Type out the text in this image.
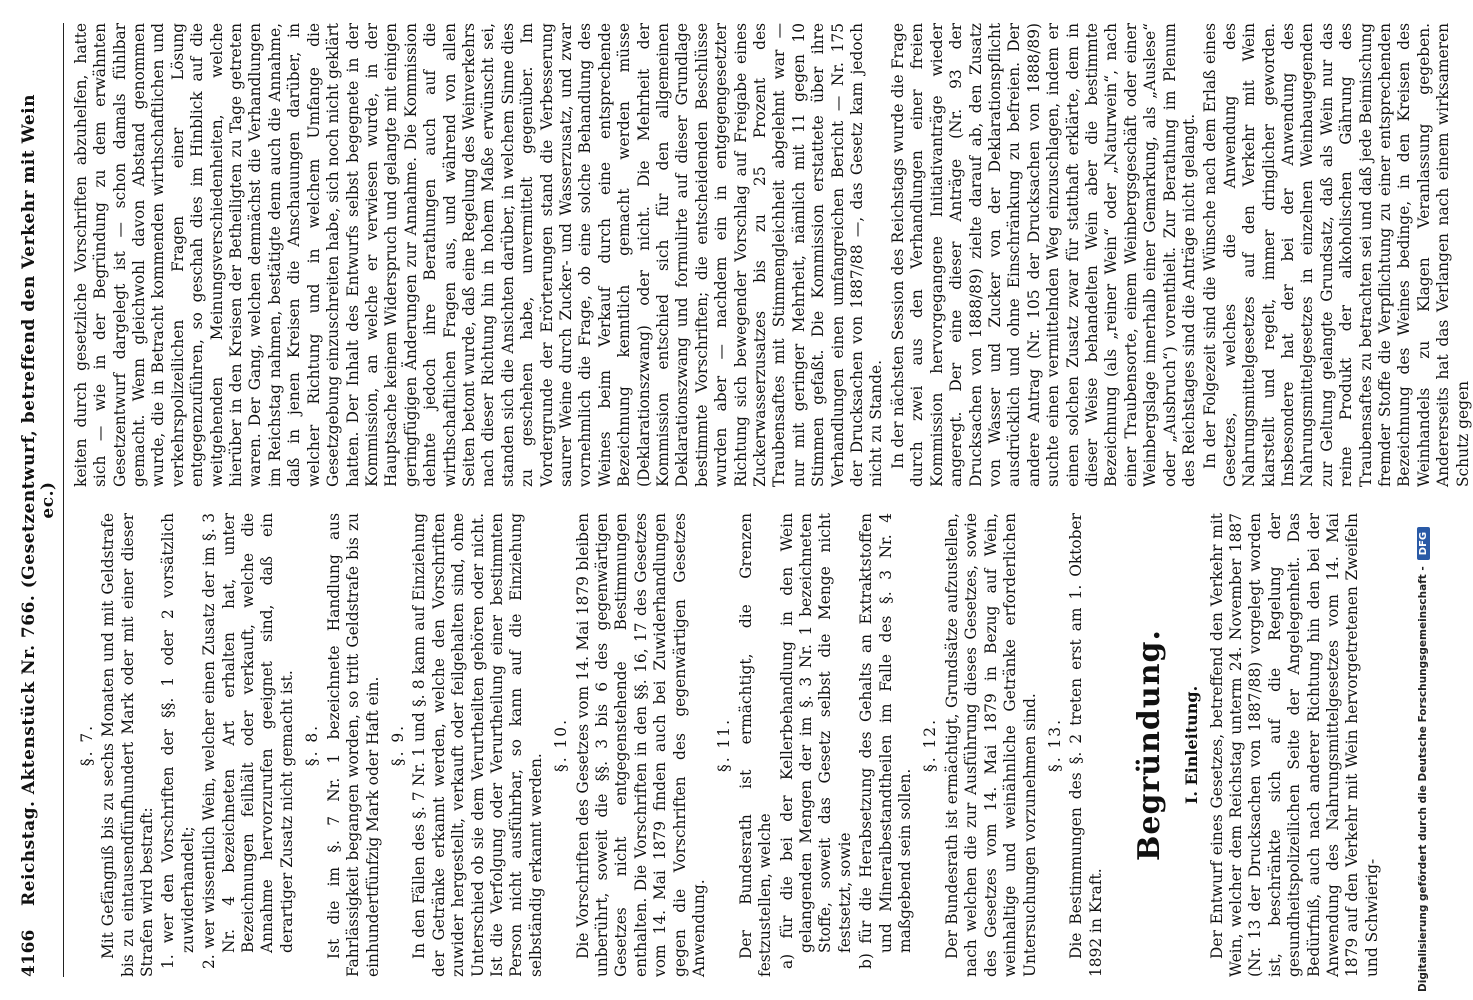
4166
Reichstag. Aktenstück Nr. 766. (Gesetzentwurf, betreffend den Verkehr mit Wein ec.)

§. 7. Mit Gefängniß bis zu sechs Monaten und mit Geldstrafe bis zu eintausendfünfhundert Mark oder mit einer dieser Strafen wird bestraft: 1. wer den Vorschriften der §§. 1 oder 2 vorsätzlich zuwiderhandelt; 2. wer wissentlich Wein, welcher einen Zusatz der im §. 3 Nr. 4 bezeichneten Art erhalten hat, unter Bezeichnungen feilhält oder verkauft, welche die Annahme hervorzurufen geeignet sind, daß ein derartiger Zusatz nicht gemacht ist. §. 8. Ist die im §. 7 Nr. 1 bezeichnete Handlung aus Fahrlässigkeit begangen worden, so tritt Geldstrafe bis zu einhundertfünfzig Mark oder Haft ein. §. 9. In den Fällen des §. 7 Nr. 1 und §. 8 kann auf Einziehung der Getränke erkannt werden, welche den Vorschriften zuwider hergestellt, verkauft oder feilgehalten sind, ohne Unterschied ob sie dem Verurtheilten gehören oder nicht. Ist die Verfolgung oder Verurtheilung einer bestimmten Person nicht ausführbar, so kann auf die Einziehung selbständig erkannt werden.

§. 10. Die Vorschriften des Gesetzes vom 14. Mai 1879 bleiben unberührt, soweit die §§. 3 bis 6 des gegenwärtigen Gesetzes nicht entgegenstehende Bestimmungen enthalten. Die Vorschriften in den §§. 16, 17 des Gesetzes vom 14. Mai 1879 finden auch bei Zuwiderhandlungen gegen die Vorschriften des gegenwärtigen Gesetzes Anwendung.

§. 11. Der Bundesrath ist ermächtigt, die Grenzen festzustellen, welche a) für die bei der Kellerbehandlung in den Wein gelangenden Mengen der im §. 3 Nr. 1 bezeichneten Stoffe, soweit das Gesetz selbst die Menge nicht festsetzt, sowie b) für die Herabsetzung des Gehalts an Extraktstoffen und Mineralbestandtheilen im Falle des §. 3 Nr. 4 maßgebend sein sollen.

§. 12. Der Bundesrath ist ermächtigt, Grundsätze aufzustellen, nach welchen die zur Ausführung dieses Gesetzes, sowie des Gesetzes vom 14. Mai 1879 in Bezug auf Wein, weinhaltige und weinähnliche Getränke erforderlichen Untersuchungen vorzunehmen sind. §. 13. Die Bestimmungen des §. 2 treten erst am 1. Oktober 1892 in Kraft.

Begründung. I. Einleitung. Der Entwurf eines Gesetzes, betreffend den Verkehr mit Wein, welcher dem Reichstag unterm 24. November 1887 (Nr. 13 der Drucksachen von 1887/88) vorgelegt worden ist, beschränkte sich auf die Regelung der gesundheitspolizeilichen Seite der Angelegenheit. Das Bedürfniß, auch nach anderer Richtung hin den bei der Anwendung des Nahrungsmittelgesetzes vom 14. Mai 1879 auf den Verkehr mit Wein hervorgetretenen Zweifeln und Schwierig-

keiten durch gesetzliche Vorschriften abzuhelfen, hatte sich — wie in der Begründung zu dem erwähnten Gesetzentwurf dargelegt ist — schon damals fühlbar gemacht. Wenn gleichwohl davon Abstand genommen wurde, die in Betracht kommenden wirthschaftlichen und verkehrspolizeilichen Fragen einer Lösung entgegenzuführen, so geschah dies im Hinblick auf die weitgehenden Meinungsverschiedenheiten, welche hierüber in den Kreisen der Betheiligten zu Tage getreten waren. Der Gang, welchen demnächst die Verhandlungen im Reichstag nahmen, bestätigte denn auch die Annahme, daß in jenen Kreisen die Anschauungen darüber, in welcher Richtung und in welchem Umfange die Gesetzgebung einzuschreiten habe, sich noch nicht geklärt hatten. Der Inhalt des Entwurfs selbst begegnete in der Kommission, an welche er verwiesen wurde, in der Hauptsache keinem Widerspruch und gelangte mit einigen geringfügigen Änderungen zur Annahme. Die Kommission dehnte jedoch ihre Berathungen auch auf die wirthschaftlichen Fragen aus, und während von allen Seiten betont wurde, daß eine Regelung des Weinverkehrs nach dieser Richtung hin in hohem Maße erwünscht sei, standen sich die Ansichten darüber, in welchem Sinne dies zu geschehen habe, unvermittelt gegenüber. Im Vordergrunde der Erörterungen stand die Verbesserung saurer Weine durch Zucker- und Wasserzusatz, und zwar vornehmlich die Frage, ob eine solche Behandlung des Weines beim Verkauf durch eine entsprechende Bezeichnung kenntlich gemacht werden müsse (Deklarationszwang) oder nicht. Die Mehrheit der Kommission entschied sich für den allgemeinen Deklarationszwang und formulirte auf dieser Grundlage bestimmte Vorschriften; die entscheidenden Beschlüsse wurden aber — nachdem ein in entgegengesetzter Richtung sich bewegender Vorschlag auf Freigabe eines Zuckerwasserzusatzes bis zu 25 Prozent des Traubensaftes mit Stimmengleichheit abgelehnt war — nur mit geringer Mehrheit, nämlich mit 11 gegen 10 Stimmen gefaßt. Die Kommission erstattete über ihre Verhandlungen einen umfangreichen Bericht — Nr. 175 der Drucksachen von 1887/88 —, das Gesetz kam jedoch nicht zu Stande. In der nächsten Session des Reichstags wurde die Frage durch zwei aus den Verhandlungen einer freien Kommission hervorgegangene Initiativanträge wieder angeregt. Der eine dieser Anträge (Nr. 93 der Drucksachen von 1888/89) zielte darauf ab, den Zusatz von Wasser und Zucker von der Deklarationspflicht ausdrücklich und ohne Einschränkung zu befreien. Der andere Antrag (Nr. 105 der Drucksachen von 1888/89) suchte einen vermittelnden Weg einzuschlagen, indem er einen solchen Zusatz zwar für statthaft erklärte, dem in dieser Weise behandelten Wein aber die bestimmte Bezeichnung (als „reiner Wein“ oder „Naturwein“, nach einer Traubensorte, einem Weinbergsgeschäft oder einer Weinbergslage innerhalb einer Gemarkung, als „Auslese“ oder „Ausbruch“) vorenthielt. Zur Berathung im Plenum des Reichstages sind die Anträge nicht gelangt. In der Folgezeit sind die Wünsche nach dem Erlaß eines Gesetzes, welches die Anwendung des Nahrungsmittelgesetzes auf den Verkehr mit Wein klarstellt und regelt, immer dringlicher geworden. Insbesondere hat der bei der Anwendung des Nahrungsmittelgesetzes in einzelnen Weinbaugegenden zur Geltung gelangte Grundsatz, daß als Wein nur das reine Produkt der alkoholischen Gährung des Traubensaftes zu betrachten sei und daß jede Beimischung fremder Stoffe die Verpflichtung zu einer entsprechenden Bezeichnung des Weines bedinge, in den Kreisen des Weinhandels zu Klagen Veranlassung gegeben. Andererseits hat das Verlangen nach einem wirksameren Schutz gegen

Digitalisierung gefördert durch die Deutsche Forschungsgemeinschaft -
DFG
